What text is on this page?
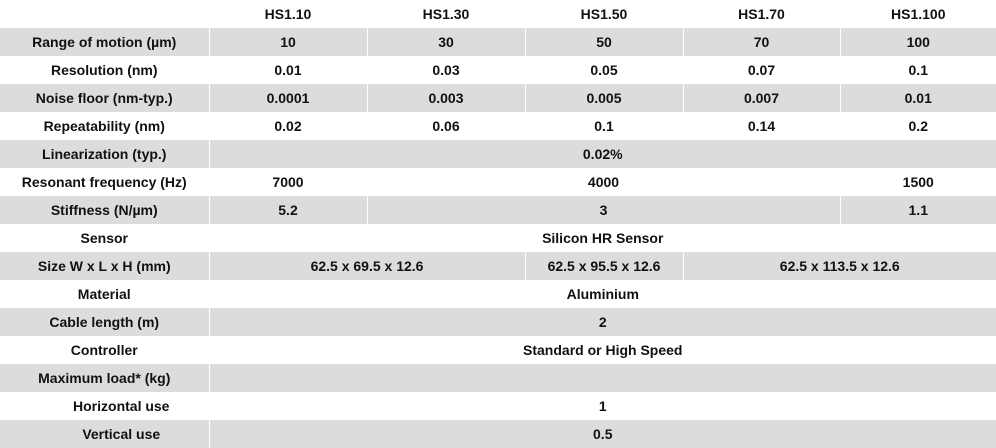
	HS1.10	HS1.30	HS1.50	HS1.70	HS1.100
Range of motion (µm)	10	30	50	70	100
Resolution (nm)	0.01	0.03	0.05	0.07	0.1
Noise floor (nm-typ.)	0.0001	0.003	0.005	0.007	0.01
Repeatability (nm)	0.02	0.06	0.1	0.14	0.2
Linearization (typ.)	0.02%				
Resonant frequency (Hz)	7000	4000			1500
Stiffness (N/µm)	5.2	3			1.1
Sensor	Silicon HR Sensor				
Size W x L x H (mm)	62.5 x 69.5 x 12.6		62.5 x 95.5 x 12.6	62.5 x 113.5 x 12.6	
Material	Aluminium				
Cable length (m)	2				
Controller	Standard or High Speed				
Maximum load* (kg)					
Horizontal use	1				
Vertical use	0.5				
